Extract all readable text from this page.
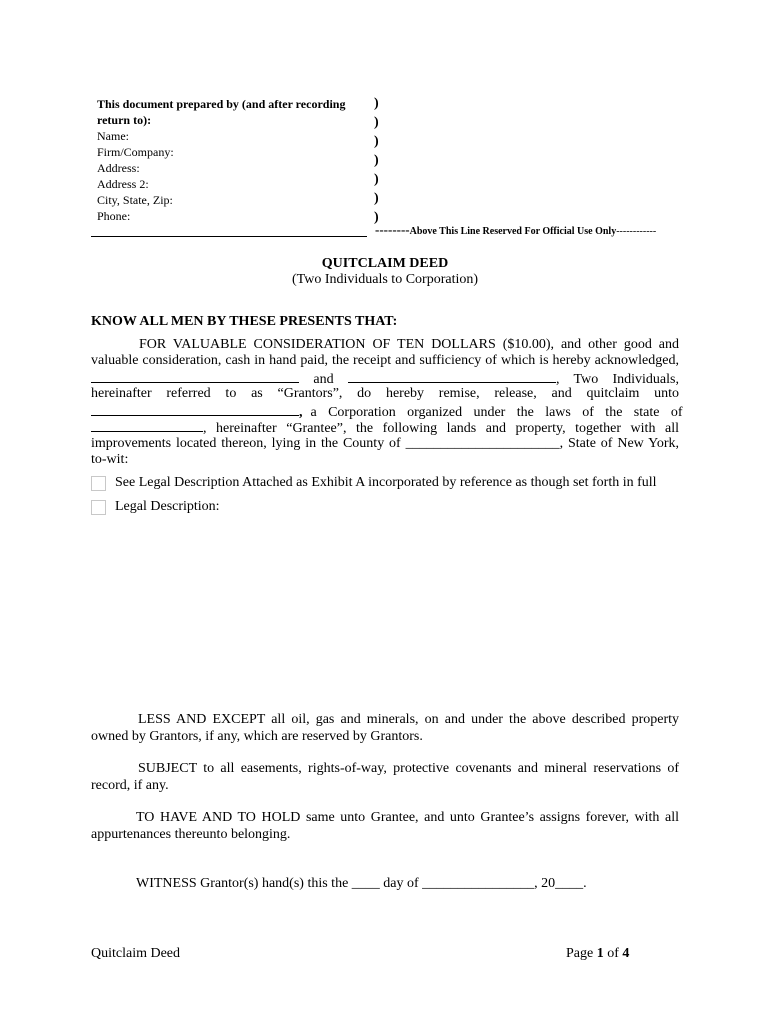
This document prepared by (and after recording
return to):
Name:
Firm/Company:
Address:
Address 2:
City, State, Zip:
Phone:
)
)
)
)
)
)
)
--------Above This Line Reserved For Official Use Only------------
QUITCLAIM DEED
(Two Individuals to Corporation)
KNOW ALL MEN BY THESE PRESENTS THAT:
FOR VALUABLE CONSIDERATION OF TEN DOLLARS ($10.00), and other good and
valuable consideration, cash in hand paid, the receipt and sufficiency of which is hereby acknowledged,
and	, Two Individuals,
hereinafter referred to as “Grantors”, do hereby remise, release, and quitclaim unto
, a Corporation organized under the laws of the state of
, hereinafter “Grantee”, the following lands and property, together with all
improvements located thereon, lying in the County of ______________________, State of New York,
to-wit:
See Legal Description Attached as Exhibit A incorporated by reference as though set forth in full
Legal Description:
LESS AND EXCEPT all oil, gas and minerals, on and under the above described property owned by Grantors, if any, which are reserved by Grantors.
SUBJECT to all easements, rights-of-way, protective covenants and mineral reservations of record, if any.
TO HAVE AND TO HOLD same unto Grantee, and unto Grantee’s assigns forever, with all appurtenances thereunto belonging.
WITNESS Grantor(s) hand(s) this the ____ day of ________________, 20____.
Quitclaim Deed	Page 1 of 4
